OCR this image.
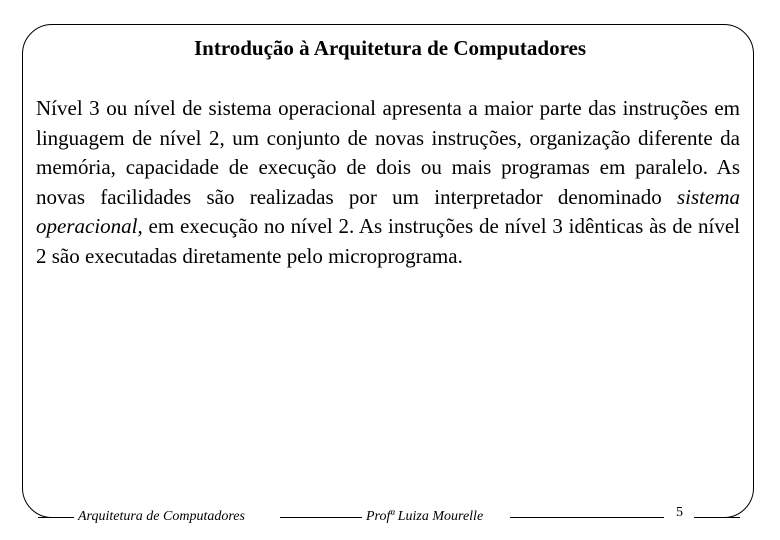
Introdução à Arquitetura de Computadores

Nível 3 ou nível de sistema operacional apresenta a maior parte das instruções em linguagem de nível 2, um conjunto de novas instruções, organização diferente da memória, capacidade de execução de dois ou mais programas em paralelo. As novas facilidades são realizadas por um interpretador denominado sistema operacional, em execução no nível 2. As instruções de nível 3 idênticas às de nível 2 são executadas diretamente pelo microprograma.

Arquitetura de Computadores	Profª Luiza Mourelle	5
